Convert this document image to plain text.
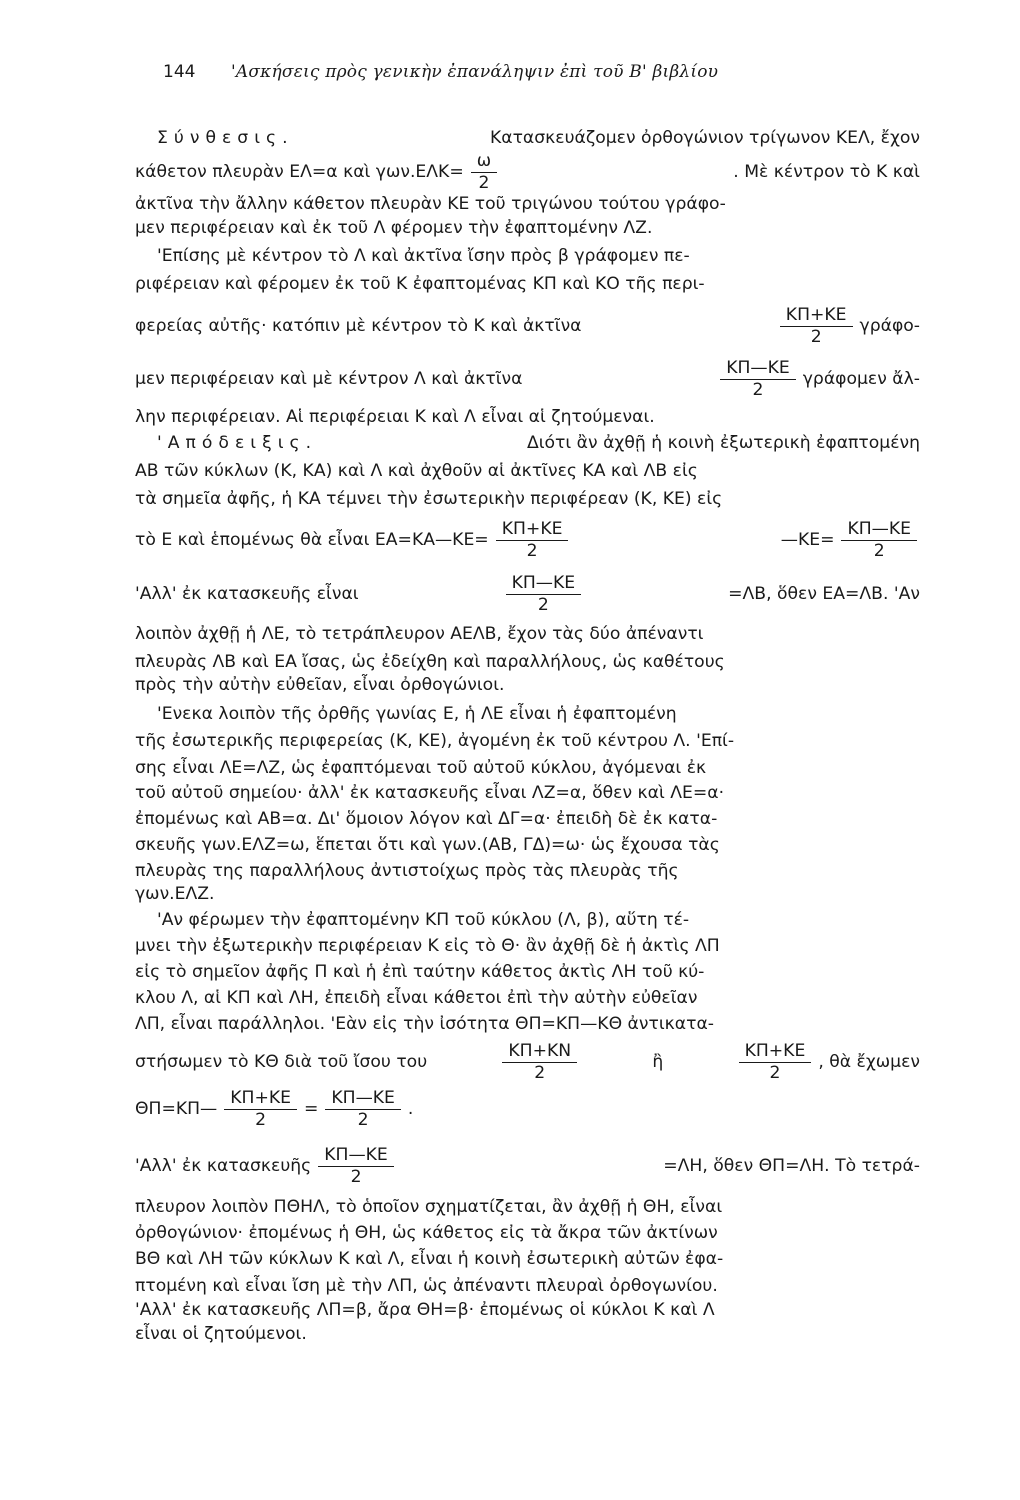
144 'Ασκήσεις πρὸς γενικὴν ἐπανάληψιν ἐπὶ τοῦ Β' βιβλίου
Σύνθεσις.	Κατασκευάζομεν ὀρθογώνιον τρίγωνον ΚΕΛ, ἔχον
κάθετον πλευρὰν ΕΛ=α καὶ $\gamma\omega\nu.E\Lambda K= \frac{\omega}{2}$	. Μὲ κέντρον τὸ Κ καὶ
ἀκτῖνα τὴν ἄλλην κάθετον πλευρὰν ΚΕ τοῦ τριγώνου τούτου γράφο-
μεν περιφέρειαν καὶ ἐκ τοῦ Λ φέρομεν τὴν ἐφαπτομένην ΛΖ.
'Επίσης μὲ κέντρον τὸ Λ καὶ ἀκτῖνα ἴσην πρὸς β γράφομεν πε-
ριφέρειαν καὶ φέρομεν ἐκ τοῦ Κ ἐφαπτομένας ΚΠ καὶ ΚΟ τῆς περι-
φερείας αὐτῆς· κατόπιν μὲ κέντρον τὸ Κ καὶ ἀκτῖνα	$\frac{K\Pi+KE}{2} \gamma\rho ά\varphi o-$
μεν περιφέρειαν καὶ μὲ κέντρον Λ καὶ ἀκτῖνα	$\frac{K\Pi—KE}{2}$ γράφομεν ἄλ-
λην περιφέρειαν. Αἱ περιφέρειαι Κ καὶ Λ εἶναι αἱ ζητούμεναι.
'Απόδειξις.	Διότι ἂν ἀχθῇ ἡ κοινὴ ἐξωτερικὴ ἐφαπτομένη
ΑΒ τῶν κύκλων (Κ, ΚΑ) καὶ Λ καὶ ἀχθοῦν αἱ ἀκτῖνες ΚΑ καὶ ΛΒ εἰς
τὰ σημεῖα ἀφῆς, ἡ ΚΑ τέμνει τὴν ἐσωτερικὴν περιφέρεαν (Κ, ΚΕ) εἰς
τὸ Ε καὶ ἑπομένως θὰ εἶναι ΕΑ=ΚΑ—ΚΕ= $\frac{K\Pi+KE}{2}$	—ΚΕ= $\frac{K\Pi—KE}{2}$
'Αλλ' ἐκ κατασκευῆς εἶναι	$\frac{K\Pi—KE}{2}$	=ΛΒ, ὅθεν ΕΑ=ΛΒ. 'Αν
λοιπὸν ἀχθῇ ἡ ΛΕ, τὸ τετράπλευρον ΑΕΛΒ, ἔχον τὰς δύο ἀπέναντι
πλευρὰς ΛΒ καὶ ΕΑ ἴσας, ὡς ἐδείχθη καὶ παραλλήλους, ὡς καθέτους
πρὸς τὴν αὐτὴν εὐθεῖαν, εἶναι ὀρθογώνιοι.
'Ενεκα λοιπὸν τῆς ὀρθῆς γωνίας Ε, ἡ ΛΕ εἶναι ἡ ἐφαπτομένη
τῆς ἐσωτερικῆς περιφερείας (Κ, ΚΕ), ἀγομένη ἐκ τοῦ κέντρου Λ. 'Επί-
σης εἶναι ΛΕ=ΛΖ, ὡς ἐφαπτόμεναι τοῦ αὐτοῦ κύκλου, ἀγόμεναι ἐκ
τοῦ αὐτοῦ σημείου· ἀλλ' ἐκ κατασκευῆς εἶναι ΛΖ=α, ὅθεν καὶ ΛΕ=α·
ἐπομένως καὶ ΑΒ=α. Δι' ὅμοιον λόγον καὶ ΔΓ=α· ἐπειδὴ δὲ ἐκ κατα-
σκευῆς γων.ΕΛΖ=ω, ἕπεται ὅτι καὶ γων.(ΑΒ, ΓΔ)=ω· ὡς ἔχουσα τὰς
πλευρὰς της παραλλήλους ἀντιστοίχως πρὸς τὰς πλευρὰς τῆς
γων.ΕΛΖ.
'Αν φέρωμεν τὴν ἐφαπτομένην ΚΠ τοῦ κύκλου (Λ, β), αὕτη τέ-
μνει τὴν ἐξωτερικὴν περιφέρειαν Κ εἰς τὸ Θ· ἂν ἀχθῇ δὲ ἡ ἀκτὶς ΛΠ
εἰς τὸ σημεῖον ἀφῆς Π καὶ ἡ ἐπὶ ταύτην κάθετος ἀκτὶς ΛΗ τοῦ κύ-
κλου Λ, αἱ ΚΠ καὶ ΛΗ, ἐπειδὴ εἶναι κάθετοι ἐπὶ τὴν αὐτὴν εὐθεῖαν
ΛΠ, εἶναι παράλληλοι. 'Εὰν εἰς τὴν ἰσότητα ΘΠ=ΚΠ—ΚΘ ἀντικατα-
στήσωμεν τὸ ΚΘ διὰ τοῦ ἴσου του	$\frac{K\Pi+KN}{2}$	ἢ	$\frac{K\Pi+KE}{2}$ , θὰ ἔχωμεν
ΘΠ=ΚΠ— $\frac{K\Pi+KE}{2} = \frac{K\Pi—KE}{2}$ .
'Αλλ' ἐκ κατασκευῆς $\frac{K\Pi—KE}{2}$	=ΛΗ, ὅθεν ΘΠ=ΛΗ. Τὸ τετρά-
πλευρον λοιπὸν ΠΘΗΛ, τὸ ὁποῖον σχηματίζεται, ἂν ἀχθῇ ἡ ΘΗ, εἶναι
ὀρθογώνιον· ἐπομένως ἡ ΘΗ, ὡς κάθετος εἰς τὰ ἄκρα τῶν ἀκτίνων
ΒΘ καὶ ΛΗ τῶν κύκλων Κ καὶ Λ, εἶναι ἡ κοινὴ ἐσωτερικὴ αὐτῶν ἐφα-
πτομένη καὶ εἶναι ἴση μὲ τὴν ΛΠ, ὡς ἀπέναντι πλευραὶ ὀρθογωνίου.
'Αλλ' ἐκ κατασκευῆς ΛΠ=β, ἄρα ΘΗ=β· ἐπομένως οἱ κύκλοι Κ καὶ Λ
εἶναι οἱ ζητούμενοι.
